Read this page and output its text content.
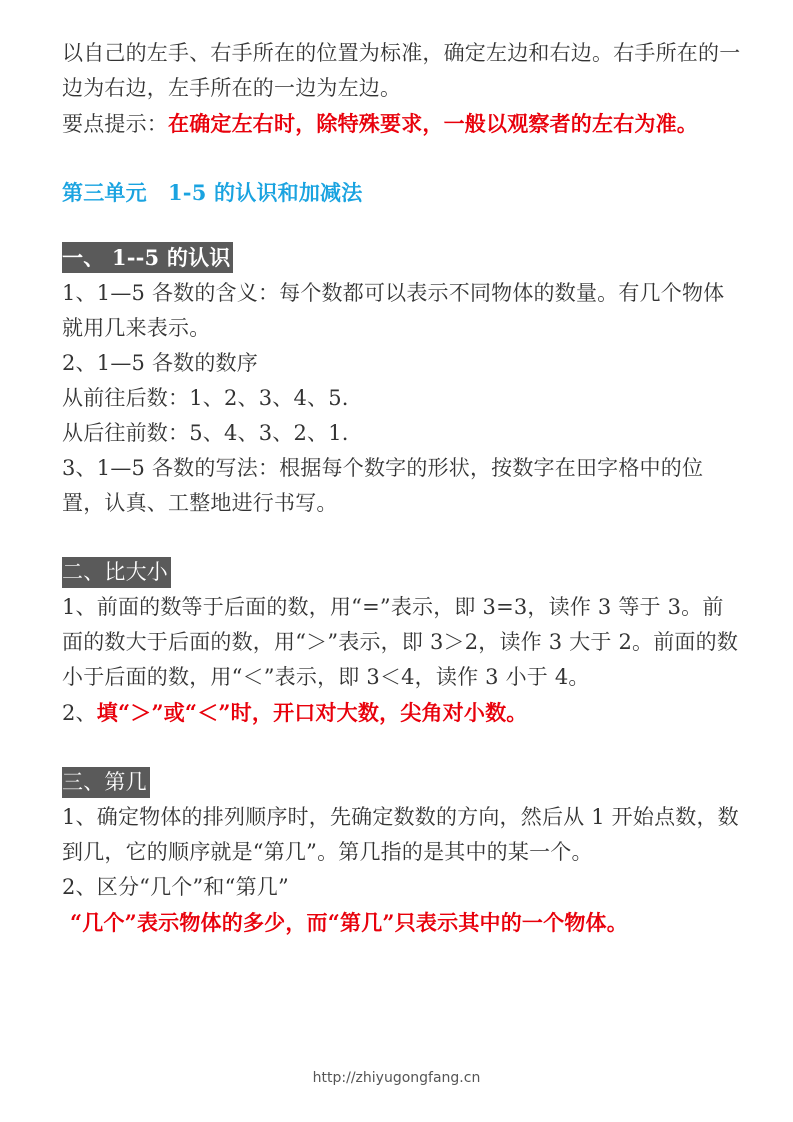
以自己的左手、右手所在的位置为标准，确定左边和右边。右手所在的一边为右边，左手所在的一边为左边。

要点提示：在确定左右时，除特殊要求，一般以观察者的左右为准。

第三单元　1-5 的认识和加减法

一、 1--5 的认识

1、1—5 各数的含义：每个数都可以表示不同物体的数量。有几个物体就用几来表示。

2、1—5 各数的数序

从前往后数：1、2、3、4、5.

从后往前数：5、4、3、2、1.

3、1—5 各数的写法：根据每个数字的形状，按数字在田字格中的位置，认真、工整地进行书写。

二、比大小

1、前面的数等于后面的数，用“=”表示，即 3=3，读作 3 等于 3。前面的数大于后面的数，用“＞”表示，即 3＞2，读作 3 大于 2。前面的数小于后面的数，用“＜”表示，即 3＜4，读作 3 小于 4。

2、填“＞”或“＜”时，开口对大数，尖角对小数。

三、第几

1、确定物体的排列顺序时，先确定数数的方向，然后从 1 开始点数，数到几，它的顺序就是“第几”。第几指的是其中的某一个。

2、区分“几个”和“第几”

“几个”表示物体的多少，而“第几”只表示其中的一个物体。

http://zhiyugongfang.cn
